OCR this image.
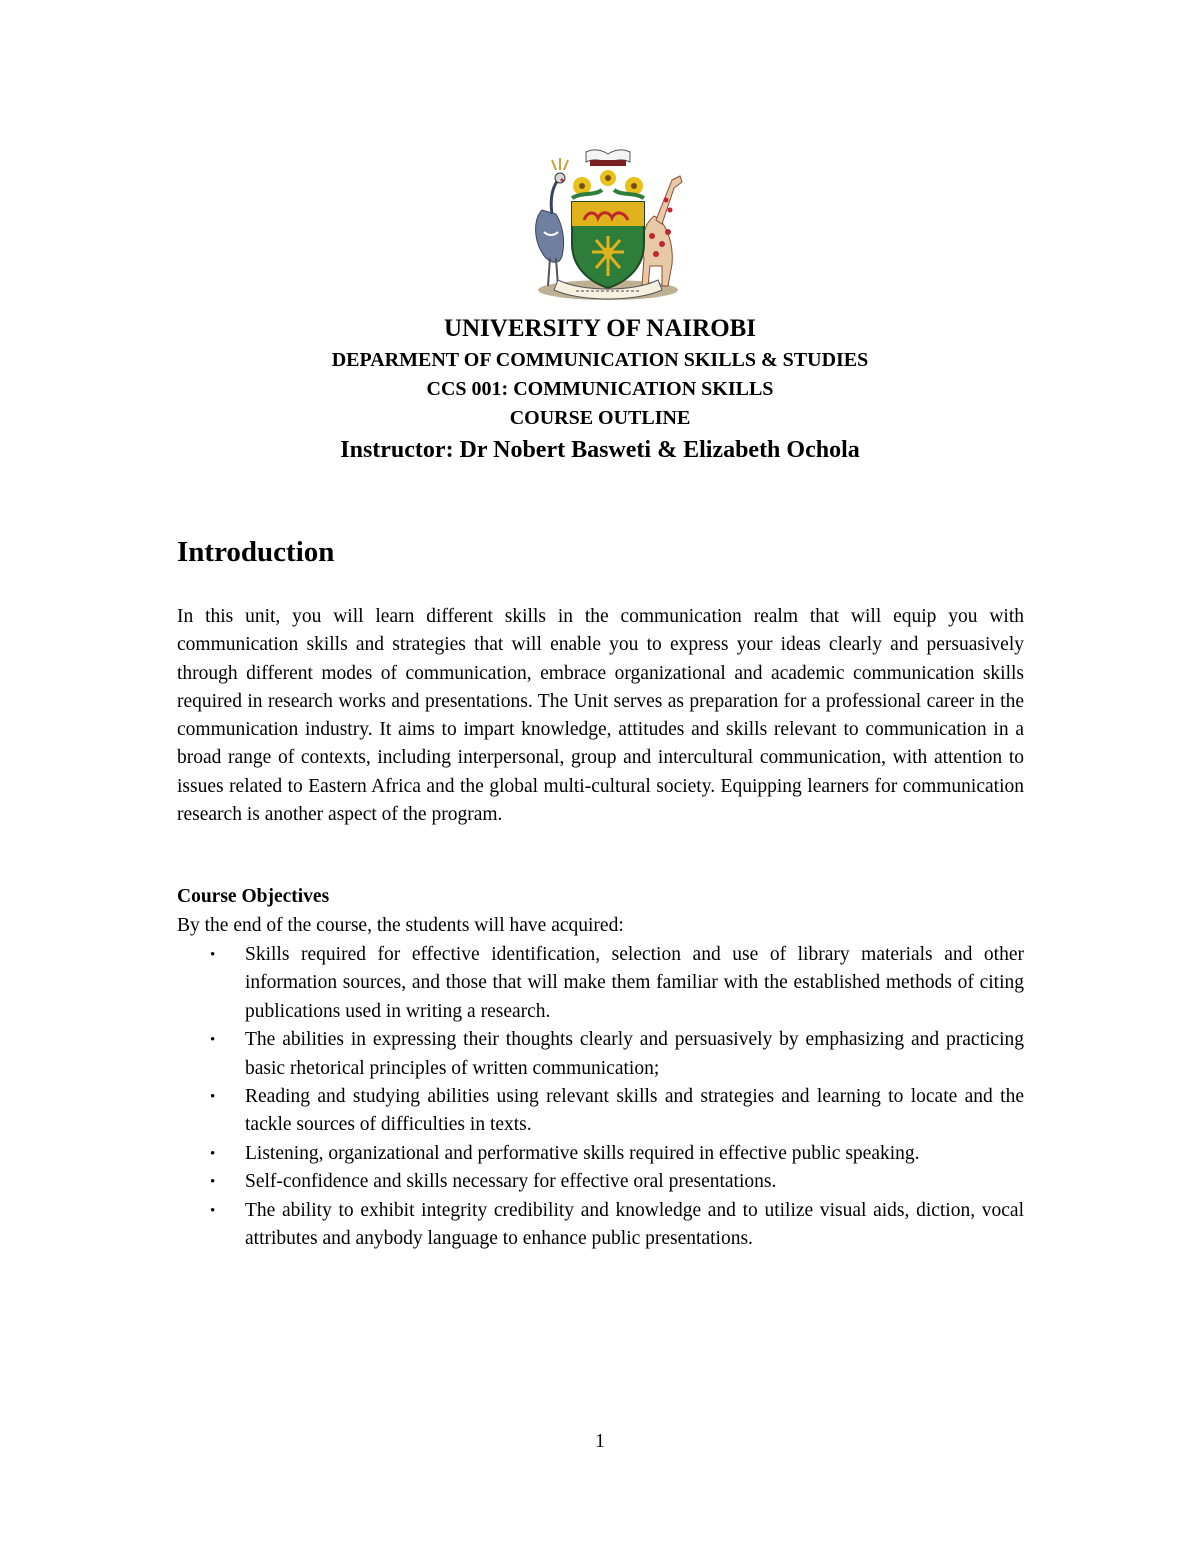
UNIVERSITY OF NAIROBI
DEPARMENT OF COMMUNICATION SKILLS & STUDIES
CCS 001: COMMUNICATION SKILLS
COURSE OUTLINE
Instructor: Dr Nobert Basweti & Elizabeth Ochola
Introduction

In this unit, you will learn different skills in the communication realm that will equip you with communication skills and strategies that will enable you to express your ideas clearly and persuasively through different modes of communication, embrace organizational and academic communication skills required in research works and presentations. The Unit serves as preparation for a professional career in the communication industry. It aims to impart knowledge, attitudes and skills relevant to communication in a broad range of contexts, including interpersonal, group and intercultural communication, with attention to issues related to Eastern Africa and the global multi-cultural society. Equipping learners for communication research is another aspect of the program.

Course Objectives
By the end of the course, the students will have acquired:
• Skills required for effective identification, selection and use of library materials and other information sources, and those that will make them familiar with the established methods of citing publications used in writing a research.
• The abilities in expressing their thoughts clearly and persuasively by emphasizing and practicing basic rhetorical principles of written communication;
• Reading and studying abilities using relevant skills and strategies and learning to locate and the tackle sources of difficulties in texts.
• Listening, organizational and performative skills required in effective public speaking.
• Self-confidence and skills necessary for effective oral presentations.
• The ability to exhibit integrity credibility and knowledge and to utilize visual aids, diction, vocal attributes and anybody language to enhance public presentations.
1
